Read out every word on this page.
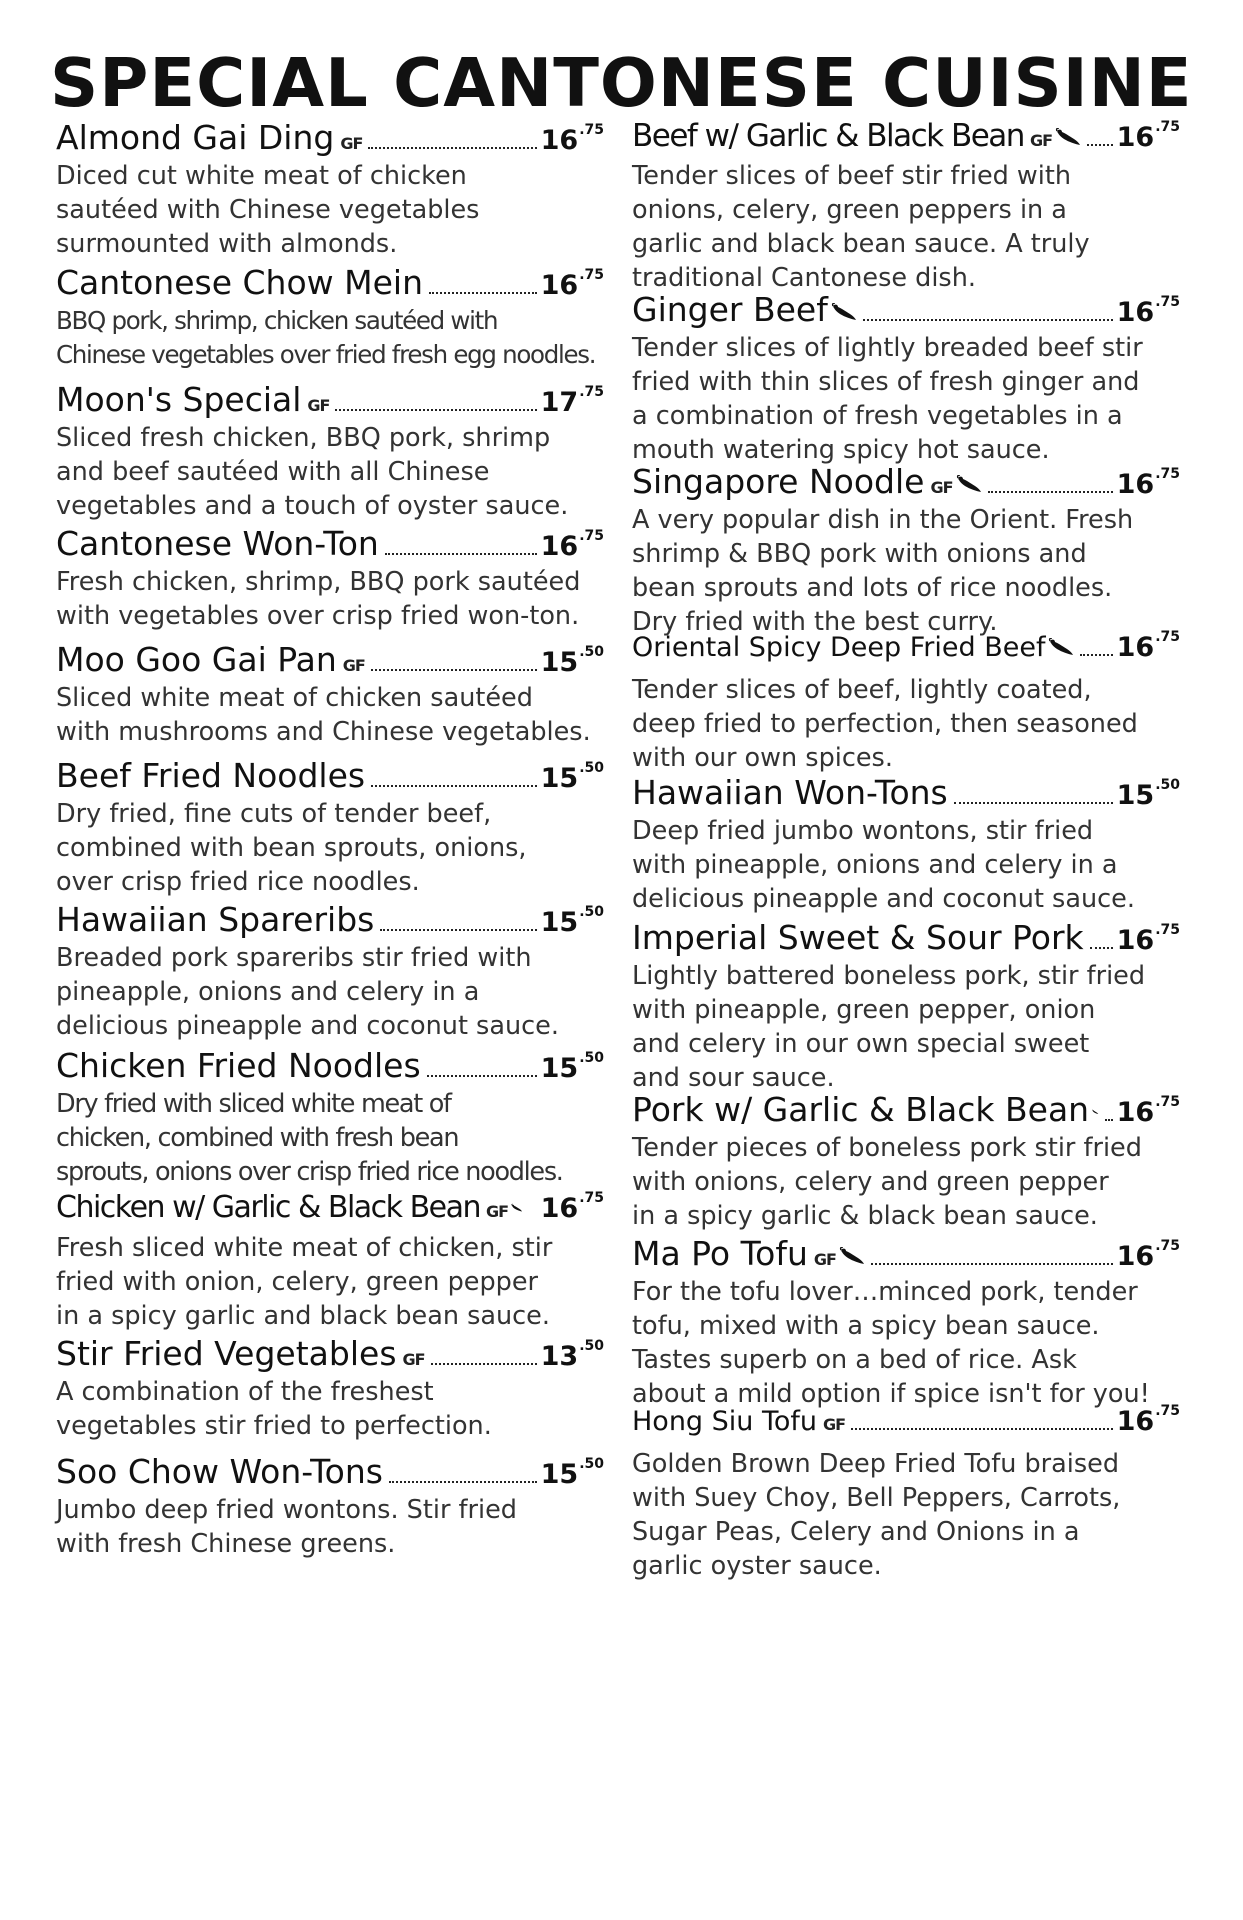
SPECIAL CANTONESE CUISINE
Almond Gai Ding GF	$16^{.75}$
Diced cut white meat of chicken
sautéed with Chinese vegetables
surmounted with almonds.
Cantonese Chow Mein	$16^{.75}$
BBQ pork, shrimp, chicken sautéed with
Chinese vegetables over fried fresh egg noodles.
Moon's Special GF	$17^{.75}$
Sliced fresh chicken, BBQ pork, shrimp
and beef sautéed with all Chinese
vegetables and a touch of oyster sauce.
Cantonese Won-Ton	$16^{.75}$
Fresh chicken, shrimp, BBQ pork sautéed
with vegetables over crisp fried won-ton.
Moo Goo Gai Pan GF	$15^{.50}$
Sliced white meat of chicken sautéed
with mushrooms and Chinese vegetables.
Beef Fried Noodles	$15^{.50}$
Dry fried, fine cuts of tender beef,
combined with bean sprouts, onions,
over crisp fried rice noodles.
Hawaiian Spareribs	$15^{.50}$
Breaded pork spareribs stir fried with
pineapple, onions and celery in a
delicious pineapple and coconut sauce.
Chicken Fried Noodles	$15^{.50}$
Dry fried with sliced white meat of
chicken, combined with fresh bean
sprouts, onions over crisp fried rice noodles.
Chicken w/ Garlic & Black Bean GF $16^{.75}$
Fresh sliced white meat of chicken, stir
fried with onion, celery, green pepper
in a spicy garlic and black bean sauce.
Stir Fried Vegetables GF	$13^{.50}$
A combination of the freshest
vegetables stir fried to perfection.
Soo Chow Won-Tons	$15^{.50}$
Jumbo deep fried wontons. Stir fried
with fresh Chinese greens.
Beef w/ Garlic & Black Bean GF $16^{.75}$
Tender slices of beef stir fried with
onions, celery, green peppers in a
garlic and black bean sauce. A truly
traditional Cantonese dish.
Ginger Beef	$16^{.75}$
Tender slices of lightly breaded beef stir
fried with thin slices of fresh ginger and
a combination of fresh vegetables in a
mouth watering spicy hot sauce.
Singapore Noodle GF	$16^{.75}$
A very popular dish in the Orient. Fresh
shrimp & BBQ pork with onions and
bean sprouts and lots of rice noodles.
Dry fried with the best curry.
Oriental Spicy Deep Fried Beef	$16^{.75}$
Tender slices of beef, lightly coated,
deep fried to perfection, then seasoned
with our own spices.
Hawaiian Won-Tons	$15^{.50}$
Deep fried jumbo wontons, stir fried
with pineapple, onions and celery in a
delicious pineapple and coconut sauce.
Imperial Sweet & Sour Pork $16^{.75}$
Lightly battered boneless pork, stir fried
with pineapple, green pepper, onion
and celery in our own special sweet
and sour sauce.
Pork w/ Garlic & Black Bean $16^{.75}$
Tender pieces of boneless pork stir fried
with onions, celery and green pepper
in a spicy garlic & black bean sauce.
Ma Po Tofu GF	$16^{.75}$
For the tofu lover…minced pork, tender
tofu, mixed with a spicy bean sauce.
Tastes superb on a bed of rice. Ask
about a mild option if spice isn't for you!
Hong Siu Tofu GF	$16^{.75}$
Golden Brown Deep Fried Tofu braised
with Suey Choy, Bell Peppers, Carrots,
Sugar Peas, Celery and Onions in a
garlic oyster sauce.
